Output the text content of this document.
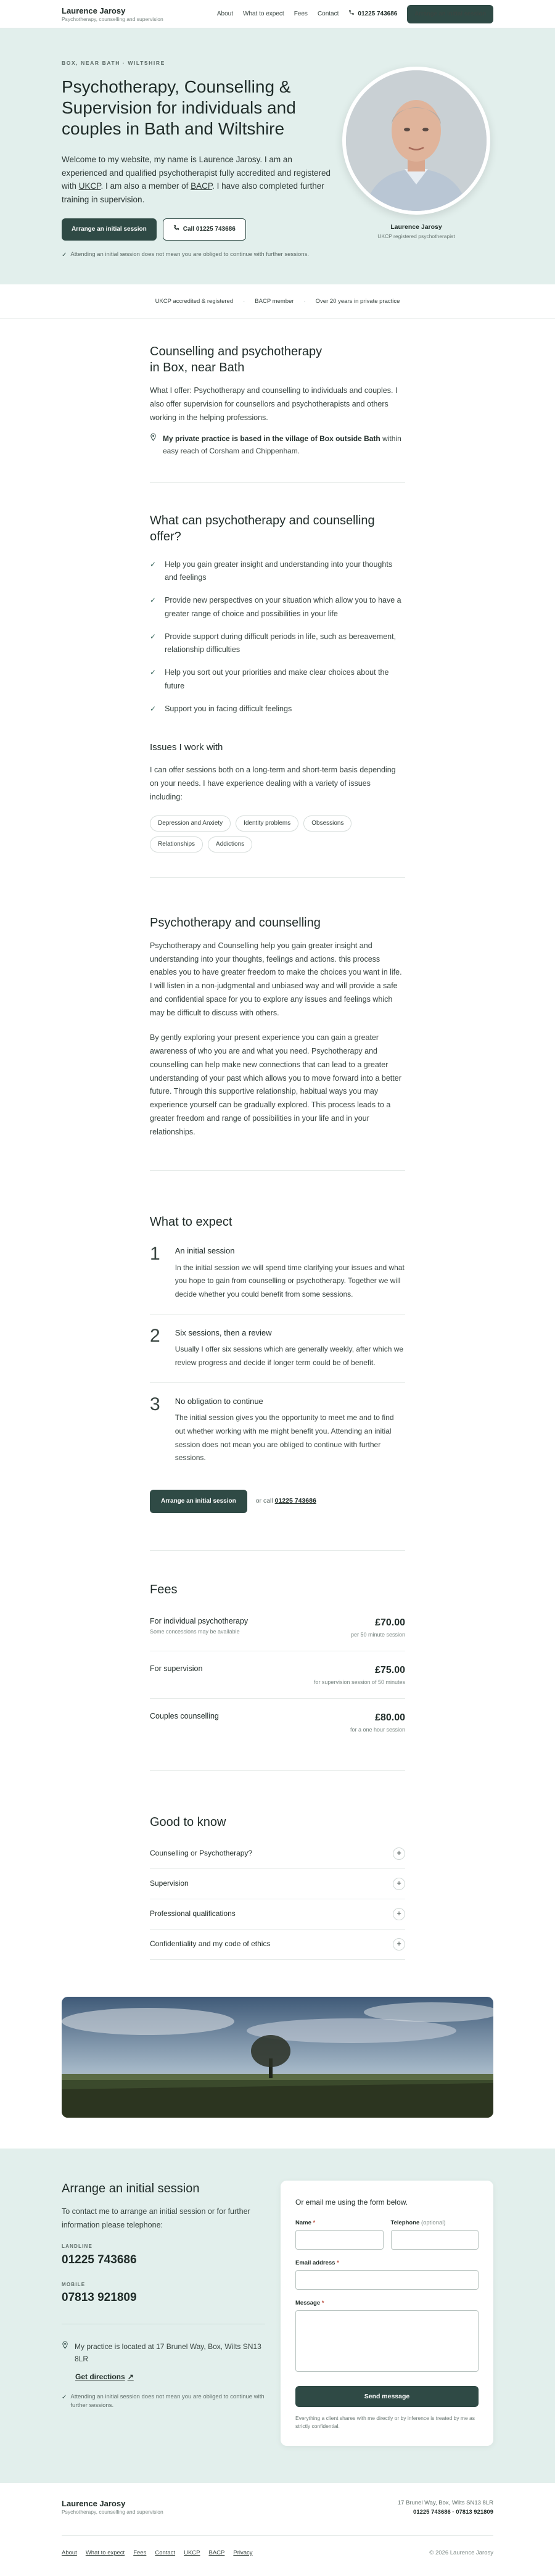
Laurence Jarosy
Psychotherapy, counselling and supervision
About What to expect Fees Contact	01225 743686	Arrange an initial session
BOX, NEAR BATH · WILTSHIRE
Psychotherapy, Counselling & Supervision for individuals and couples in Bath and Wiltshire

Welcome to my website, my name is Laurence Jarosy. I am an experienced and qualified psychotherapist fully accredited and registered with UKCP. I am also a member of BACP. I have also completed further training in supervision.

Arrange an initial session	Call 01225 743686
✓ Attending an initial session does not mean you are obliged to continue with further sessions.
Laurence Jarosy
UKCP registered psychotherapist
UKCP accredited & registered · BACP member · Over 20 years in private practice
Counselling and psychotherapy in Box, near Bath

What I offer: Psychotherapy and counselling to individuals and couples. I also offer supervision for counsellors and psychotherapists and others working in the helping professions.

My private practice is based in the village of Box outside Bath within easy reach of Corsham and Chippenham.
What can psychotherapy and counselling offer?
✓ Help you gain greater insight and understanding into your thoughts and feelings
✓ Provide new perspectives on your situation which allow you to have a greater range of choice and possibilities in your life
✓ Provide support during difficult periods in life, such as bereavement, relationship difficulties
✓ Help you sort out your priorities and make clear choices about the future
✓ Support you in facing difficult feelings
Issues I work with

I can offer sessions both on a long-term and short-term basis depending on your needs. I have experience dealing with a variety of issues including:

Depression and Anxiety	Identity problems	Obsessions
Relationships	Addictions
Psychotherapy and counselling

Psychotherapy and Counselling help you gain greater insight and understanding into your thoughts, feelings and actions. this process enables you to have greater freedom to make the choices you want in life. I will listen in a non-judgmental and unbiased way and will provide a safe and confidential space for you to explore any issues and feelings which may be difficult to discuss with others.

By gently exploring your present experience you can gain a greater awareness of who you are and what you need. Psychotherapy and counselling can help make new connections that can lead to a greater understanding of your past which allows you to move forward into a better future. Through this supportive relationship, habitual ways you may experience yourself can be gradually explored. This process leads to a greater freedom and range of possibilities in your life and in your relationships.

What to expect
1 An initial session
In the initial session we will spend time clarifying your issues and what you hope to gain from counselling or psychotherapy. Together we will decide whether you could benefit from some sessions.
2 Six sessions, then a review
Usually I offer six sessions which are generally weekly, after which we review progress and decide if longer term could be of benefit.
3 No obligation to continue
The initial session gives you the opportunity to meet me and to find out whether working with me might benefit you. Attending an initial session does not mean you are obliged to continue with further sessions.
Arrange an initial session	or call 01225 743686
Fees
For individual psychotherapy
Some concessions may be available
£70.00
per 50 minute session
For supervision	£75.00
for supervision session of 50 minutes
Couples counselling	£80.00
for a one hour session
Good to know
Counselling or Psychotherapy?	+
Supervision	+
Professional qualifications	+
Confidentiality and my code of ethics	+
Arrange an initial session

To contact me to arrange an initial session or for further information please telephone:

LANDLINE
01225 743686
MOBILE
07813 921809
My practice is located at 17 Brunel Way, Box, Wilts SN13 8LR
Get directions ↗
✓ Attending an initial session does not mean you are obliged to continue with further sessions.
Or email me using the form below.
Name *	Telephone (optional)
Email address *
Message *
Send message
Everything a client shares with me directly or by inference is treated by me as strictly confidential.
Laurence Jarosy
Psychotherapy, counselling and supervision
17 Brunel Way, Box, Wilts SN13 8LR
01225 743686 · 07813 921809
About What to expect Fees Contact UKCP BACP Privacy	© 2026 Laurence Jarosy
